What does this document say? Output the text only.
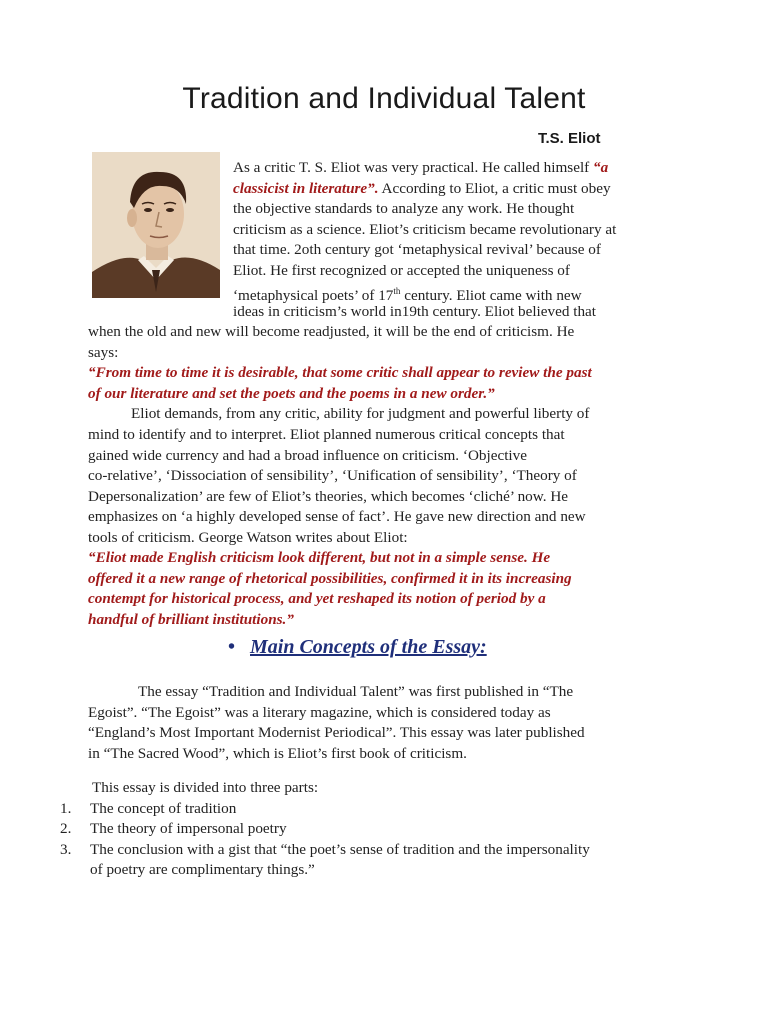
Tradition and Individual Talent
T.S. Eliot
As a critic T. S. Eliot was very practical. He called himself “a
classicist in literature”. According to Eliot, a critic must obey
the objective standards to analyze any work. He thought
criticism as a science. Eliot’s criticism became revolutionary at
that time. 2oth century got ‘metaphysical revival’ because of
Eliot. He first recognized or accepted the uniqueness of
‘metaphysical poets’ of 17th century. Eliot came with new
ideas in criticism’s world in19th century. Eliot believed that
when the old and new will become readjusted, it will be the end of criticism. He
says:
“From time to time it is desirable, that some critic shall appear to review the past
of our literature and set the poets and the poems in a new order.”
Eliot demands, from any critic, ability for judgment and powerful liberty of
mind to identify and to interpret. Eliot planned numerous critical concepts that
gained wide currency and had a broad influence on criticism. ‘Objective
co-relative’, ‘Dissociation of sensibility’, ‘Unification of sensibility’, ‘Theory of
Depersonalization’ are few of Eliot’s theories, which becomes ‘cliché’ now. He
emphasizes on ‘a highly developed sense of fact’. He gave new direction and new
tools of criticism. George Watson writes about Eliot:
“Eliot made English criticism look different, but not in a simple sense. He
offered it a new range of rhetorical possibilities, confirmed it in its increasing
contempt for historical process, and yet reshaped its notion of period by a
handful of brilliant institutions.”
• Main Concepts of the Essay:
The essay “Tradition and Individual Talent” was first published in “The
Egoist”. “The Egoist” was a literary magazine, which is considered today as
“England’s Most Important Modernist Periodical”. This essay was later published
in “The Sacred Wood”, which is Eliot’s first book of criticism.
This essay is divided into three parts:
1. The concept of tradition
2. The theory of impersonal poetry
3. The conclusion with a gist that “the poet’s sense of tradition and the impersonality
of poetry are complimentary things.”
